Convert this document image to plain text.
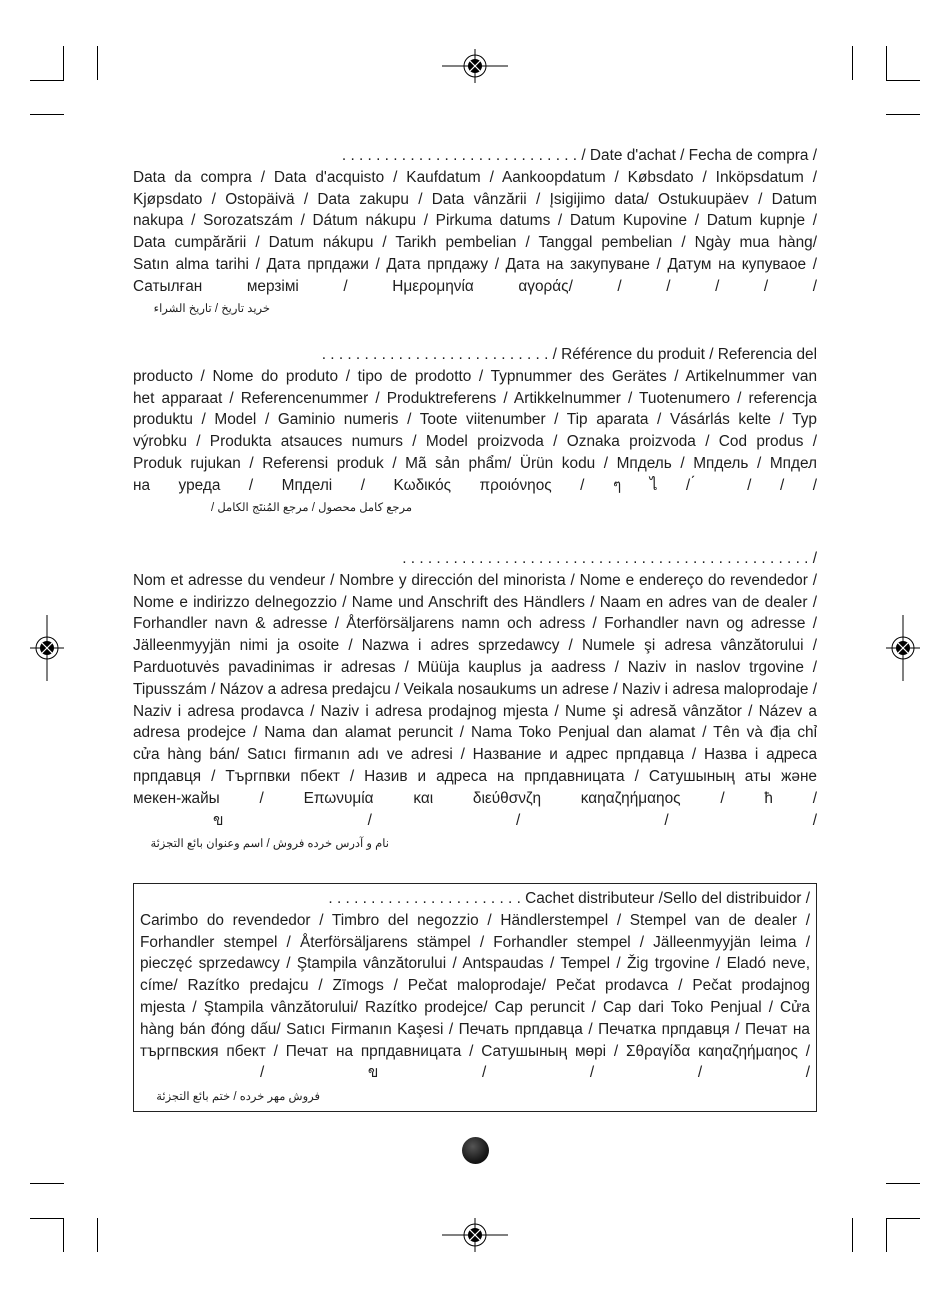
. . . . . . . . . . . . . . . . . . . . . . . . . . . . / Date d'achat / Fecha de compra /
Data da compra / Data d'acquisto / Kaufdatum / Aankoopdatum / Købsdato / Inköpsdatum /
Kjøpsdato / Ostopäivä / Data zakupu / Data vânzării / Įsigijimo data/ Ostukuupäev / Datum
nakupa / Sorozatszám / Dátum nákupu / Pirkuma datums / Datum Kupovine / Datum kupnje /
Data cumpărării / Datum nákupu / Tarikh pembelian / Tanggal pembelian / Ngày mua hàng/
Satın alma tarihi / Дата прпдажи / Дата прпдажу / Дата на закупуване / Датум на купуваое /
Сатылған мерзімі / Ημερομηνία αγοράς/ / / / / /
خريد تاريخ / تاريخ الشراء
. . . . . . . . . . . . . . . . . . . . . . . . . . . / Référence du produit / Referencia del
producto / Nome do produto / tipo de prodotto / Typnummer des Gerätes / Artikelnummer van
het apparaat / Referencenummer / Produktreferens / Artikkelnummer / Tuotenumero / referencja
produktu / Model / Gaminio numeris / Toote viitenumber / Tip aparata / Vásárlás kelte / Typ
výrobku / Produkta atsauces numurs / Model proizvoda / Oznaka proizvoda / Cod produs /
Produk rujukan / Referensi produk / Mã sản phẩm/ Ürün kodu / Мпдель / Мпдель / Мпдел
на уреда / Мпделі / Κωδικός προιόνηος / ๆ ไ / ́ / / /
مرجع كامل محصول / مرجع المُنتَج الكامل /
. . . . . . . . . . . . . . . . . . . . . . . . . . . . . . . . . . . . . . . . . . . . . . . . /
Nom et adresse du vendeur / Nombre y dirección del minorista / Nome e endereço do revendedor /
Nome e indirizzo delnegozzio / Name und Anschrift des Händlers / Naam en adres van de dealer /
Forhandler navn & adresse / Återförsäljarens namn och adress / Forhandler navn og adresse /
Jälleenmyyjän nimi ja osoite / Nazwa i adres sprzedawcy / Numele şi adresa vânzătorului /
Parduotuvės pavadinimas ir adresas / Müüja kauplus ja aadress / Naziv in naslov trgovine /
Tipusszám / Názov a adresa predajcu / Veikala nosaukums un adrese / Naziv i adresa maloprodaje /
Naziv i adresa prodavca / Naziv i adresa prodajnog mjesta / Nume şi adresă vânzător / Název a
adresa prodejce / Nama dan alamat peruncit / Nama Toko Penjual dan alamat / Tên và địa chỉ
cửa hàng bán/ Satıcı firmanın adı ve adresi / Название и адрес прпдавца / Назва і адреса
прпдавця / Търгпвки пбект / Назив и адреса на прпдавницата / Сатушының аты және
мекен-жайы / Επωνυμία και διεύθσνζη καηαζηήμαηος / ħ /
ข / / / /
نام و آدرس خرده فروش / اسم وعنوان بائع التجزئة
. . . . . . . . . . . . . . . . . . . . . . . Cachet distributeur /Sello del distribuidor /
Carimbo do revendedor / Timbro del negozzio / Händlerstempel / Stempel van de dealer /
Forhandler stempel / Återförsäljarens stämpel / Forhandler stempel / Jälleenmyyjän leima /
pieczęć sprzedawcy / Ştampila vânzătorului / Antspaudas / Tempel / Žig trgovine / Eladó neve,
címe/ Razítko predajcu / Zīmogs / Pečat maloprodaje/ Pečat prodavca / Pečat prodajnog
mjesta / Ştampila vânzătorului/ Razítko prodejce/ Cap peruncit / Cap dari Toko Penjual / Cửa
hàng bán đóng dấu/ Satıcı Firmanın Kaşesi / Печать прпдавца / Печатка прпдавця / Печат на
търгпвския пбект / Печат на прпдавницата / Сатушының мөрі / Σθραγίδα καηαζηήμαηος /
/ ข / / / /
فروش مهر خرده / ختم بائع التجزئة
